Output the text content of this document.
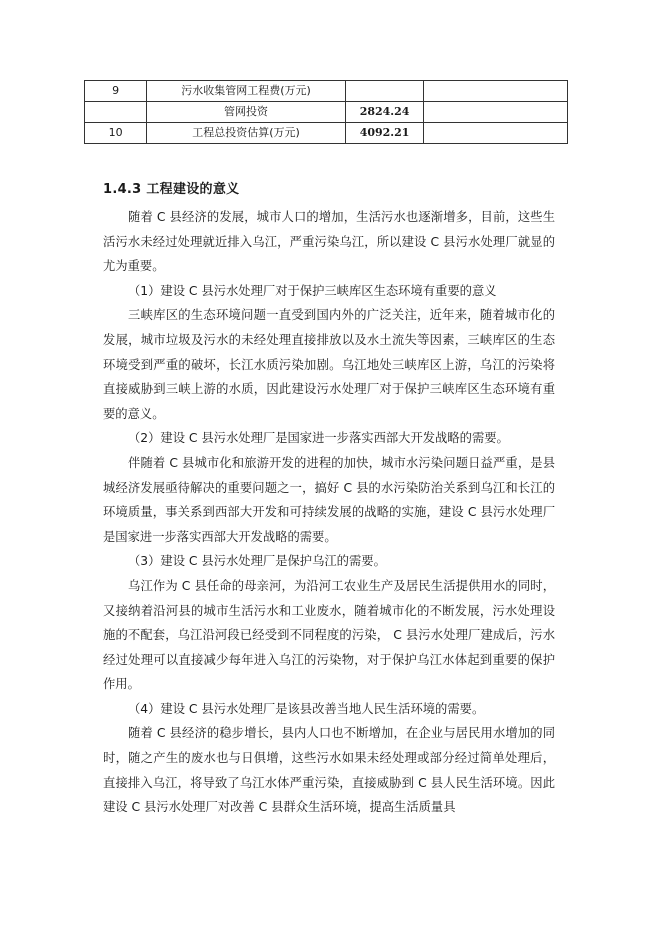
9	污水收集管网工程费(万元)		
	管网投资	2824.24	
10	工程总投资估算(万元)	4092.21	
1.4.3 工程建设的意义

随着 C 县经济的发展，城市人口的增加，生活污水也逐渐增多，目前，这些生活污水未经过处理就近排入乌江，严重污染乌江，所以建设 C 县污水处理厂就显的尤为重要。

（1）建设 C 县污水处理厂对于保护三峡库区生态环境有重要的意义

三峡库区的生态环境问题一直受到国内外的广泛关注，近年来，随着城市化的发展，城市垃圾及污水的未经处理直接排放以及水土流失等因素，三峡库区的生态环境受到严重的破坏，长江水质污染加剧。乌江地处三峡库区上游，乌江的污染将直接威胁到三峡上游的水质，因此建设污水处理厂对于保护三峡库区生态环境有重要的意义。

（2）建设 C 县污水处理厂是国家进一步落实西部大开发战略的需要。

伴随着 C 县城市化和旅游开发的进程的加快，城市水污染问题日益严重，是县城经济发展亟待解决的重要问题之一，搞好 C 县的水污染防治关系到乌江和长江的环境质量，事关系到西部大开发和可持续发展的战略的实施，建设 C 县污水处理厂是国家进一步落实西部大开发战略的需要。

（3）建设 C 县污水处理厂是保护乌江的需要。

乌江作为 C 县任命的母亲河，为沿河工农业生产及居民生活提供用水的同时，又接纳着沿河县的城市生活污水和工业废水，随着城市化的不断发展，污水处理设施的不配套，乌江沿河段已经受到不同程度的污染， C 县污水处理厂建成后，污水经过处理可以直接减少每年进入乌江的污染物，对于保护乌江水体起到重要的保护作用。

（4）建设 C 县污水处理厂是该县改善当地人民生活环境的需要。

随着 C 县经济的稳步增长，县内人口也不断增加，在企业与居民用水增加的同时，随之产生的废水也与日俱增，这些污水如果未经处理或部分经过简单处理后，直接排入乌江，将导致了乌江水体严重污染，直接威胁到 C 县人民生活环境。因此建设 C 县污水处理厂对改善 C 县群众生活环境，提高生活质量具
